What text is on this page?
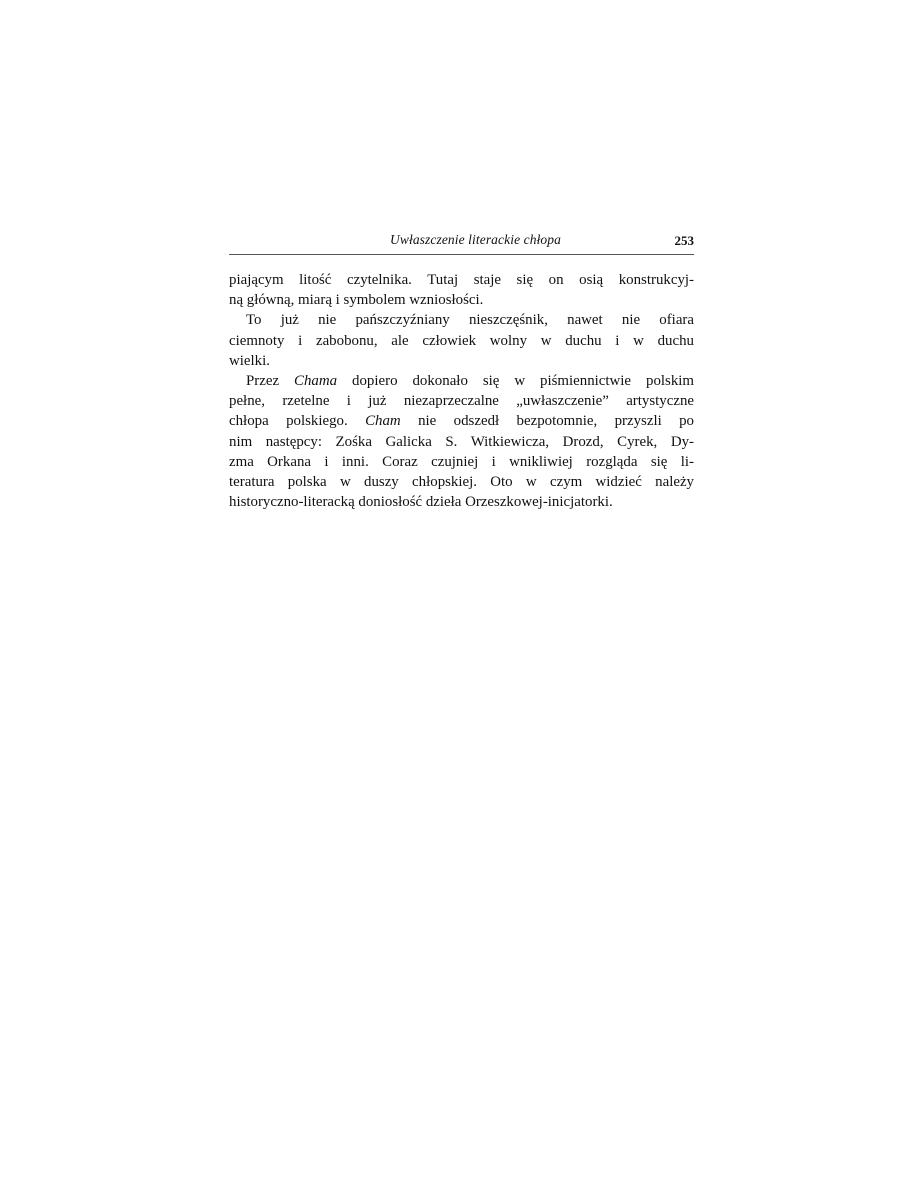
Uwłaszczenie literackie chłopa	253
piającym litość czytelnika. Tutaj staje się on osią konstrukcyj-
ną główną, miarą i symbolem wzniosłości.
To już nie pańszczyźniany nieszczęśnik, nawet nie ofiara
ciemnoty i zabobonu, ale człowiek wolny w duchu i w duchu
wielki.
Przez Chama dopiero dokonało się w piśmiennictwie polskim
pełne, rzetelne i już niezaprzeczalne „uwłaszczenie” artystyczne
chłopa polskiego. Cham nie odszedł bezpotomnie, przyszli po
nim następcy: Zośka Galicka S. Witkiewicza, Drozd, Cyrek, Dy-
zma Orkana i inni. Coraz czujniej i wnikliwiej rozgląda się li-
teratura polska w duszy chłopskiej. Oto w czym widzieć należy
historyczno-literacką doniosłość dzieła Orzeszkowej-inicjatorki.
